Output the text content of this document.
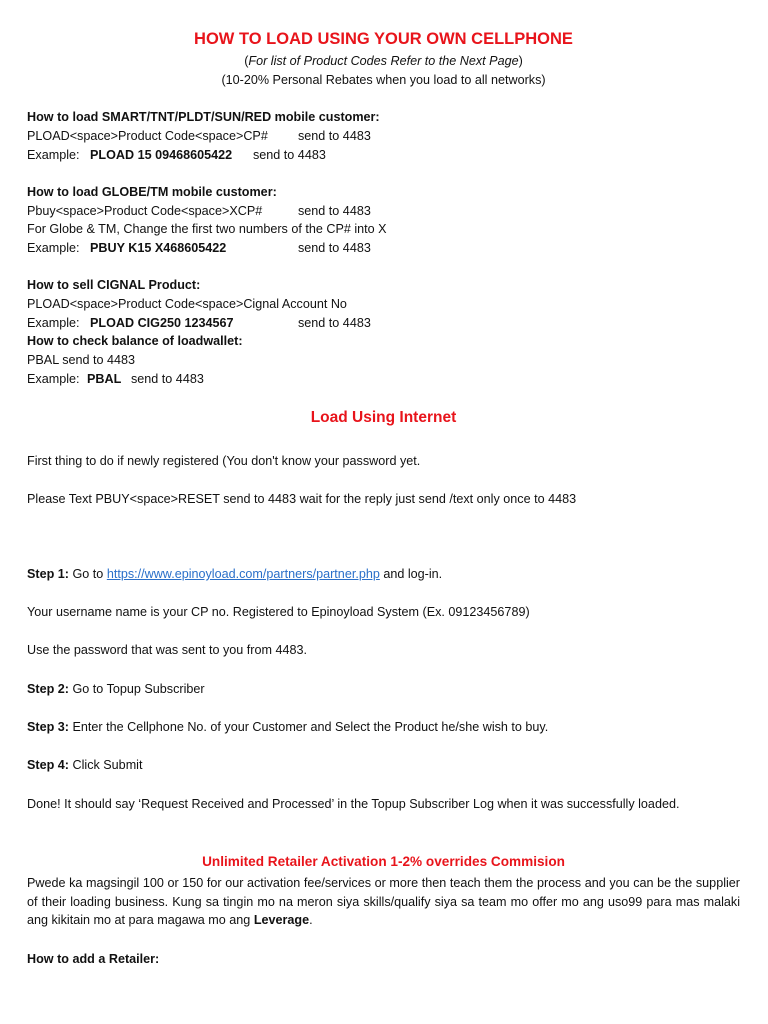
HOW TO LOAD USING YOUR OWN CELLPHONE
(For list of Product Codes Refer to the Next Page)
(10-20% Personal Rebates when you load to all networks)
How to load SMART/TNT/PLDT/SUN/RED mobile customer:
PLOAD<space>Product Code<space>CP# send to 4483
Example: PLOAD 15 09468605422 send to 4483
How to load GLOBE/TM mobile customer:
Pbuy<space>Product Code<space>XCP#	send to 4483
For Globe & TM, Change the first two numbers of the CP# into X
Example: PBUY K15 X468605422	send to 4483
How to sell CIGNAL Product:
PLOAD<space>Product Code<space>Cignal Account No
Example: PLOAD CIG250 1234567	send to 4483
How to check balance of loadwallet:
PBAL send to 4483
Example: PBAL send to 4483
Load Using Internet
First thing to do if newly registered (You don't know your password yet.
Please Text PBUY<space>RESET send to 4483 wait for the reply just send /text only once to 4483
Step 1: Go to https://www.epinoyload.com/partners/partner.php and log-in.
Your username name is your CP no. Registered to Epinoyload System (Ex. 09123456789)
Use the password that was sent to you from 4483.
Step 2: Go to Topup Subscriber
Step 3: Enter the Cellphone No. of your Customer and Select the Product he/she wish to buy.
Step 4: Click Submit
Done! It should say ‘Request Received and Processed’ in the Topup Subscriber Log when it was successfully loaded.
Unlimited Retailer Activation 1-2% overrides Commision
Pwede ka magsingil 100 or 150 for our activation fee/services or more then teach them the process and you can be the supplier of their loading business. Kung sa tingin mo na meron siya skills/qualify siya sa team mo offer mo ang uso99 para mas malaki ang kikitain mo at para magawa mo ang Leverage.
How to add a Retailer:
